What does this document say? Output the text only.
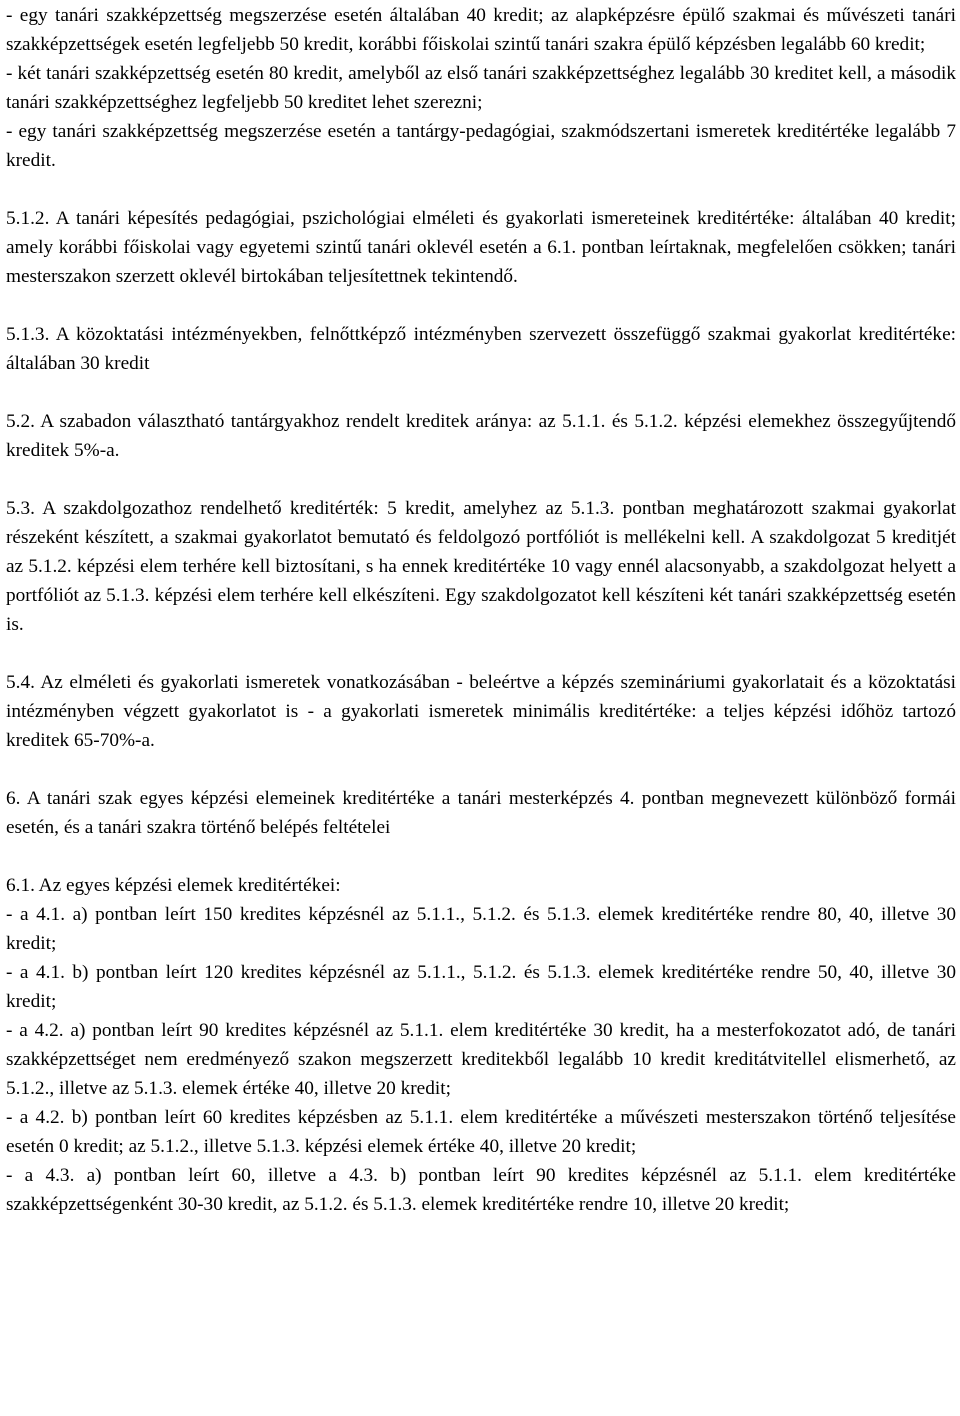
- egy tanári szakképzettség megszerzése esetén általában 40 kredit; az alapképzésre épülő szakmai és művészeti tanári szakképzettségek esetén legfeljebb 50 kredit, korábbi főiskolai szintű tanári szakra épülő képzésben legalább 60 kredit;
- két tanári szakképzettség esetén 80 kredit, amelyből az első tanári szakképzettséghez legalább 30 kreditet kell, a második tanári szakképzettséghez legfeljebb 50 kreditet lehet szerezni;
- egy tanári szakképzettség megszerzése esetén a tantárgy-pedagógiai, szakmódszertani ismeretek kreditértéke legalább 7 kredit.
5.1.2. A tanári képesítés pedagógiai, pszichológiai elméleti és gyakorlati ismereteinek kreditértéke: általában 40 kredit; amely korábbi főiskolai vagy egyetemi szintű tanári oklevél esetén a 6.1. pontban leírtaknak, megfelelően csökken; tanári mesterszakon szerzett oklevél birtokában teljesítettnek tekintendő.
5.1.3. A közoktatási intézményekben, felnőttképző intézményben szervezett összefüggő szakmai gyakorlat kreditértéke: általában 30 kredit
5.2. A szabadon választható tantárgyakhoz rendelt kreditek aránya: az 5.1.1. és 5.1.2. képzési elemekhez összegyűjtendő kreditek 5%-a.
5.3. A szakdolgozathoz rendelhető kreditérték: 5 kredit, amelyhez az 5.1.3. pontban meghatározott szakmai gyakorlat részeként készített, a szakmai gyakorlatot bemutató és feldolgozó portfóliót is mellékelni kell. A szakdolgozat 5 kreditjét az 5.1.2. képzési elem terhére kell biztosítani, s ha ennek kreditértéke 10 vagy ennél alacsonyabb, a szakdolgozat helyett a portfóliót az 5.1.3. képzési elem terhére kell elkészíteni. Egy szakdolgozatot kell készíteni két tanári szakképzettség esetén is.
5.4. Az elméleti és gyakorlati ismeretek vonatkozásában - beleértve a képzés szemináriumi gyakorlatait és a közoktatási intézményben végzett gyakorlatot is - a gyakorlati ismeretek minimális kreditértéke: a teljes képzési időhöz tartozó kreditek 65-70%-a.
6. A tanári szak egyes képzési elemeinek kreditértéke a tanári mesterképzés 4. pontban megnevezett különböző formái esetén, és a tanári szakra történő belépés feltételei
6.1. Az egyes képzési elemek kreditértékei:
- a 4.1. a) pontban leírt 150 kredites képzésnél az 5.1.1., 5.1.2. és 5.1.3. elemek kreditértéke rendre 80, 40, illetve 30 kredit;
- a 4.1. b) pontban leírt 120 kredites képzésnél az 5.1.1., 5.1.2. és 5.1.3. elemek kreditértéke rendre 50, 40, illetve 30 kredit;
- a 4.2. a) pontban leírt 90 kredites képzésnél az 5.1.1. elem kreditértéke 30 kredit, ha a mesterfokozatot adó, de tanári szakképzettséget nem eredményező szakon megszerzett kreditekből legalább 10 kredit kreditátvitellel elismerhető, az 5.1.2., illetve az 5.1.3. elemek értéke 40, illetve 20 kredit;
- a 4.2. b) pontban leírt 60 kredites képzésben az 5.1.1. elem kreditértéke a művészeti mesterszakon történő teljesítése esetén 0 kredit; az 5.1.2., illetve 5.1.3. képzési elemek értéke 40, illetve 20 kredit;
- a 4.3. a) pontban leírt 60, illetve a 4.3. b) pontban leírt 90 kredites képzésnél az 5.1.1. elem kreditértéke szakképzettségenként 30-30 kredit, az 5.1.2. és 5.1.3. elemek kreditértéke rendre 10, illetve 20 kredit;
